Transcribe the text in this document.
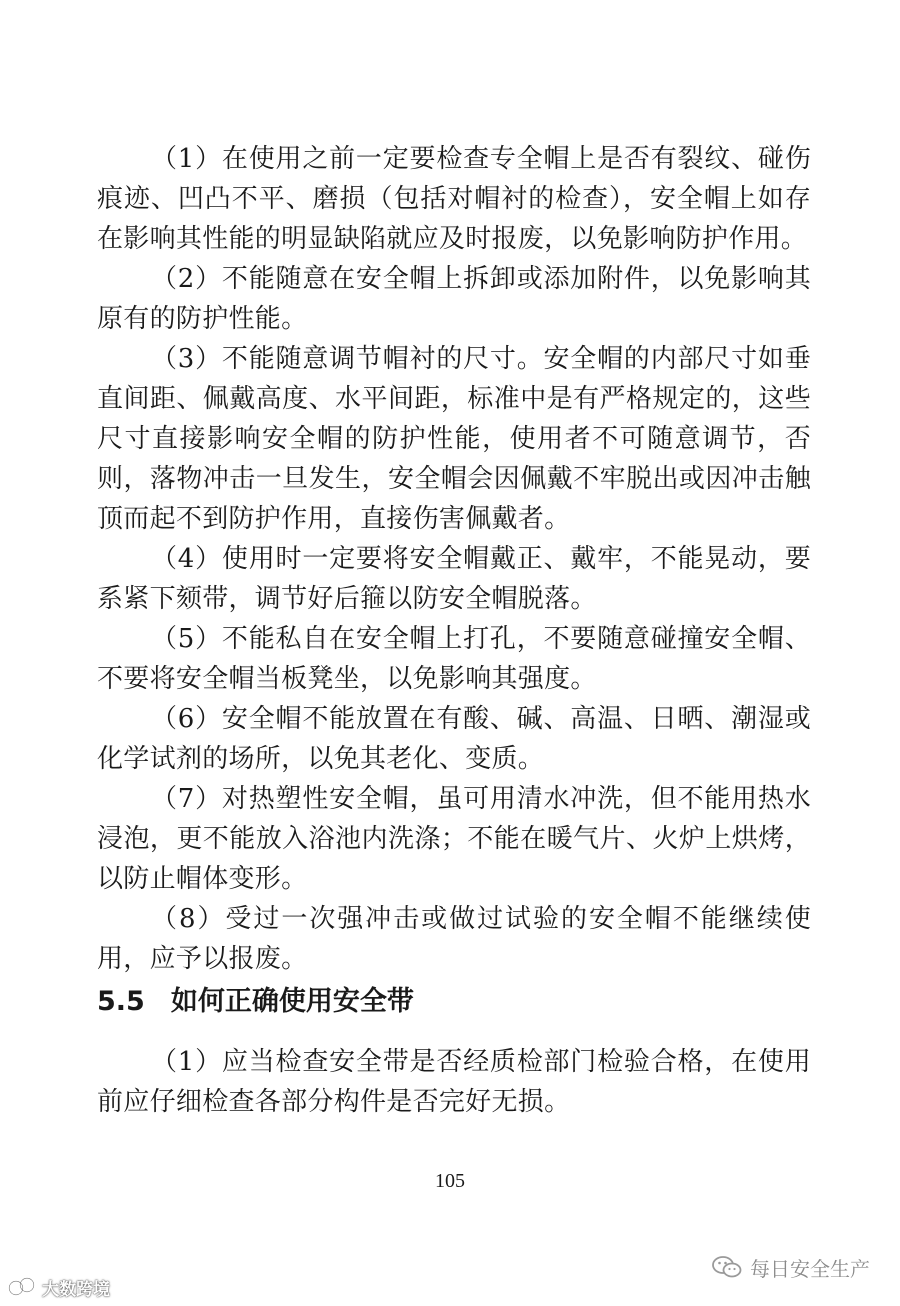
（1）在使用之前一定要检查专全帽上是否有裂纹、碰伤痕迹、凹凸不平、磨损（包括对帽衬的检查），安全帽上如存在影响其性能的明显缺陷就应及时报废，以免影响防护作用。

（2）不能随意在安全帽上拆卸或添加附件，以免影响其原有的防护性能。

（3）不能随意调节帽衬的尺寸。安全帽的内部尺寸如垂直间距、佩戴高度、水平间距，标准中是有严格规定的，这些尺寸直接影响安全帽的防护性能，使用者不可随意调节，否则，落物冲击一旦发生，安全帽会因佩戴不牢脱出或因冲击触顶而起不到防护作用，直接伤害佩戴者。

（4）使用时一定要将安全帽戴正、戴牢，不能晃动，要系紧下颏带，调节好后箍以防安全帽脱落。

（5）不能私自在安全帽上打孔，不要随意碰撞安全帽、不要将安全帽当板凳坐，以免影响其强度。

（6）安全帽不能放置在有酸、碱、高温、日晒、潮湿或化学试剂的场所，以免其老化、变质。

（7）对热塑性安全帽，虽可用清水冲洗，但不能用热水浸泡，更不能放入浴池内洗涤；不能在暖气片、火炉上烘烤，以防止帽体变形。

（8）受过一次强冲击或做过试验的安全帽不能继续使用，应予以报废。

5.5 如何正确使用安全带

（1）应当检查安全带是否经质检部门检验合格，在使用前应仔细检查各部分构件是否完好无损。

105
每日安全生产
大数跨境
